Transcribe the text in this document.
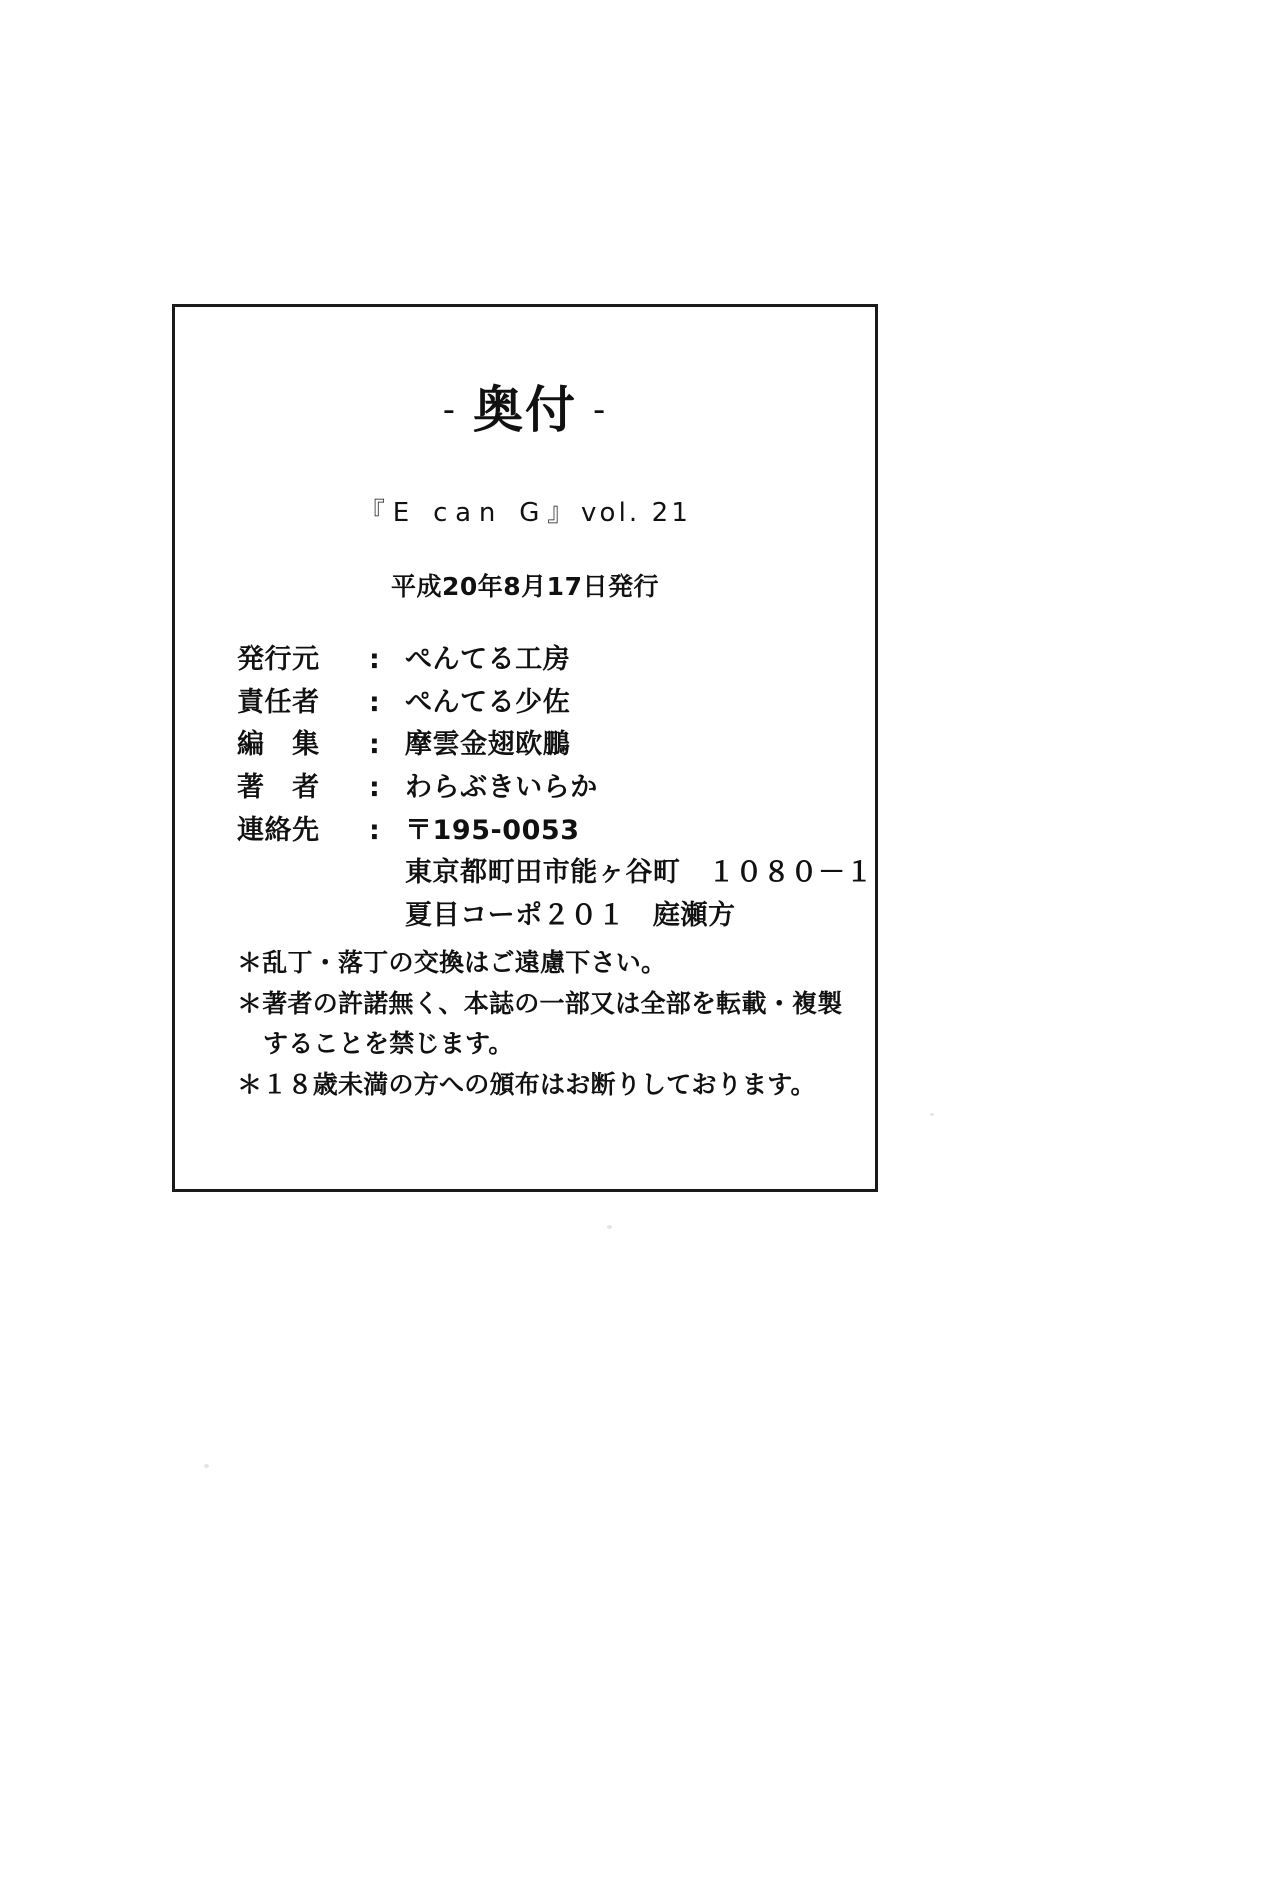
- 奥付 -
『E can G』vol. 21
平成20年8月17日発行
発行元	: ぺんてる工房
責任者	: ぺんてる少佐
編　集	: 摩雲金翅欧鵬
著　者	: わらぶきいらか
連絡先	: 〒195-0053
東京都町田市能ヶ谷町　１０８０－１
夏目コーポ２０１　庭瀬方
＊乱丁・落丁の交換はご遠慮下さい。
＊著者の許諾無く、本誌の一部又は全部を転載・複製
することを禁じます。
＊１８歳未満の方への頒布はお断りしております。
